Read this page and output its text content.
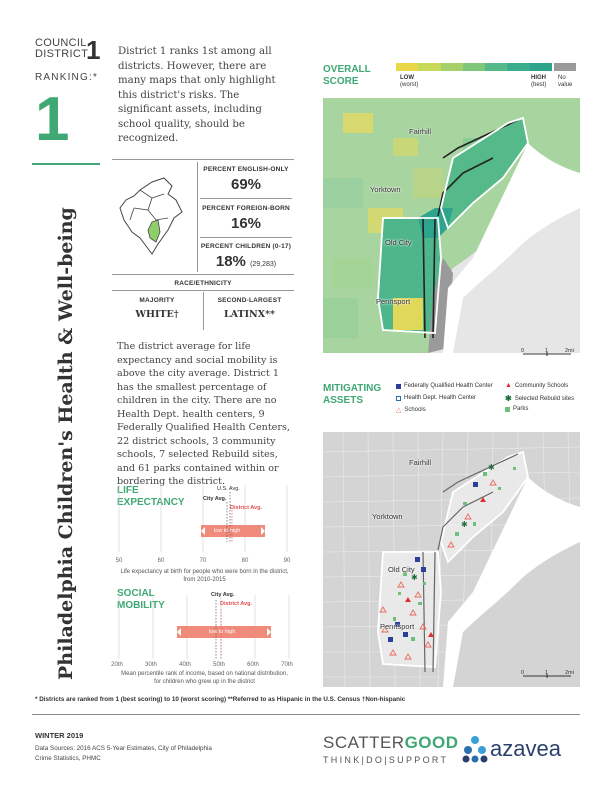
COUNCIL
DISTRICT
1
RANKING:*
1
District 1 ranks 1st among all districts. However, there are many maps that only highlight this district's risks. The significant assets, including school quality, should be recognized.
Philadelphia Children's Health & Well-being
PERCENT ENGLISH-ONLY
69%
PERCENT FOREIGN-BORN
16%
PERCENT CHILDREN (0-17)
18% (29,283)
RACE/ETHNICITY
MAJORITY
WHITE†
SECOND-LARGEST
LATINX**
The district average for life expectancy and social mobility is above the city average. District 1 has the smallest percentage of children in the city. There are no Health Dept. health centers, 9 Federally Qualified Health Centers, 22 district schools, 3 community schools, 7 selected Rebuild sites, and 61 parks contained within or bordering the district.
LIFE
EXPECTANCY
U.S. Avg.
City Avg.
District Avg.
low to high
50	60	70	80	90
Life expectancy at birth for people who were born in the district,
from 2010-2015
SOCIAL
MOBILITY
City Avg.
District Avg.
low to high
20th	30th	40th	50th	60th	70th
Mean percentile rank of income, based on national distribution,
for children who grew up in the district
OVERALL
SCORE	LOW
(worst)
HIGH
(best)
No
value
Fairhill
Yorktown
Old City
Pennsport
0	1	2mi
MITIGATING
ASSETS
Federally Qualified Health Center
Health Dept. Health Center
△ Schools
▲ Community Schools
✱ Selected Rebuild sites
Parks
✱
✱
✱
Fairhill
Yorktown
Old City
Pennsport
0	1	2mi
* Districts are ranked from 1 (best scoring) to 10 (worst scoring) **Referred to as Hispanic in the U.S. Census †Non-hispanic
WINTER 2019
Data Sources: 2016 ACS 5-Year Estimates, City of Philadelphia
Crime Statistics, PHMC
SCATTERGOOD
THINK|DO|SUPPORT azavea
